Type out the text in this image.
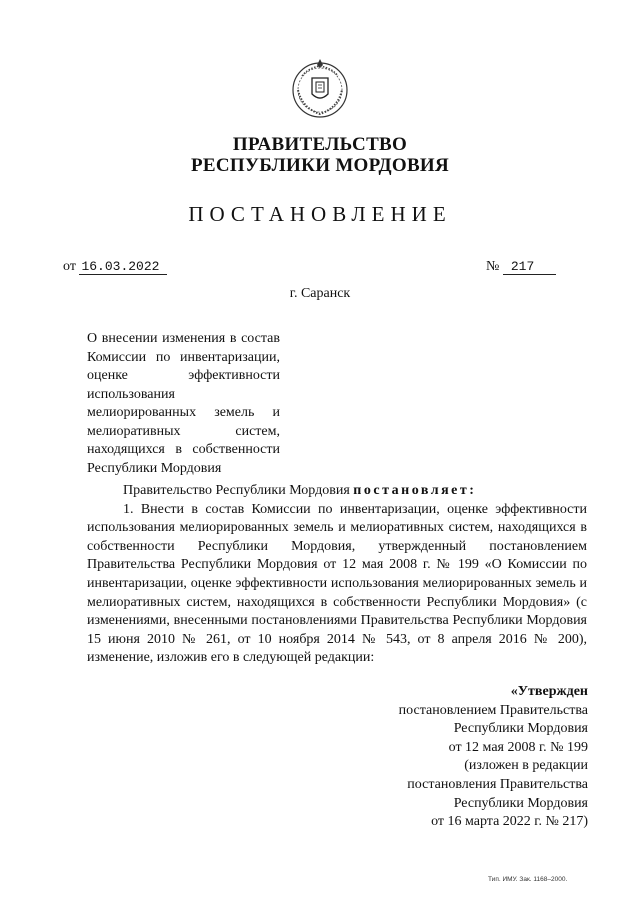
ПРАВИТЕЛЬСТВО
РЕСПУБЛИКИ МОРДОВИЯ
ПОСТАНОВЛЕНИЕ
от 16.03.2022	№ 217
г. Саранск
О внесении изменения в состав Комиссии по инвентаризации, оценке эффективности использования мелиорированных земель и мелиоративных систем, находящихся в собственности Республики Мордовия

Правительство Республики Мордовия постановляет:

1. Внести в состав Комиссии по инвентаризации, оценке эффективности использования мелиорированных земель и мелиоративных систем, находящихся в собственности Республики Мордовия, утвержденный постановлением Правительства Республики Мордовия от 12 мая 2008 г. № 199 «О Комиссии по инвентаризации, оценке эффективности использования мелиорированных земель и мелиоративных систем, находящихся в собственности Республики Мордовия» (с изменениями, внесенными постановлениями Правительства Республики Мордовия 15 июня 2010 № 261, от 10 ноября 2014 № 543, от 8 апреля 2016 № 200), изменение, изложив его в следующей редакции:

«Утвержден
постановлением Правительства
Республики Мордовия
от 12 мая 2008 г. № 199
(изложен в редакции
постановления Правительства
Республики Мордовия
от 16 марта 2022 г. № 217)
Тип. ИМУ. Зак. 1168–2000.
